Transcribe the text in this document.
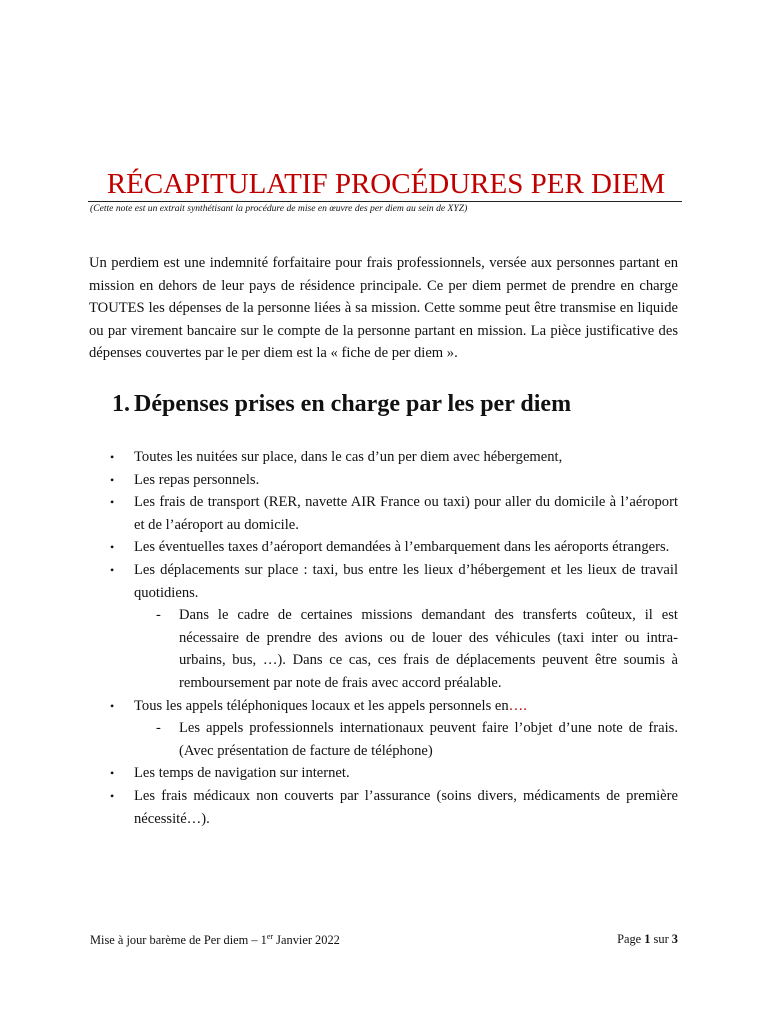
RÉCAPITULATIF PROCÉDURES PER DIEM
(Cette note est un extrait synthétisant la procédure de mise en œuvre des per diem au sein de XYZ)

Un perdiem est une indemnité forfaitaire pour frais professionnels, versée aux personnes partant en mission en dehors de leur pays de résidence principale. Ce per diem permet de prendre en charge TOUTES les dépenses de la personne liées à sa mission. Cette somme peut être transmise en liquide ou par virement bancaire sur le compte de la personne partant en mission. La pièce justificative des dépenses couvertes par le per diem est la « fiche de per diem ».

1. Dépenses prises en charge par les per diem
• Toutes les nuitées sur place, dans le cas d’un per diem avec hébergement,
• Les repas personnels.
• Les frais de transport (RER, navette AIR France ou taxi) pour aller du domicile à l’aéroport et de l’aéroport au domicile.
• Les éventuelles taxes d’aéroport demandées à l’embarquement dans les aéroports étrangers.
• Les déplacements sur place : taxi, bus entre les lieux d’hébergement et les lieux de travail quotidiens.
- Dans le cadre de certaines missions demandant des transferts coûteux, il est nécessaire de prendre des avions ou de louer des véhicules (taxi inter ou intra-urbains, bus, …). Dans ce cas, ces frais de déplacements peuvent être soumis à remboursement par note de frais avec accord préalable.
• Tous les appels téléphoniques locaux et les appels personnels en….
- Les appels professionnels internationaux peuvent faire l’objet d’une note de frais. (Avec présentation de facture de téléphone)
• Les temps de navigation sur internet.
• Les frais médicaux non couverts par l’assurance (soins divers, médicaments de première nécessité…).
Mise à jour barème de Per diem – 1er Janvier 2022	Page 1 sur 3
